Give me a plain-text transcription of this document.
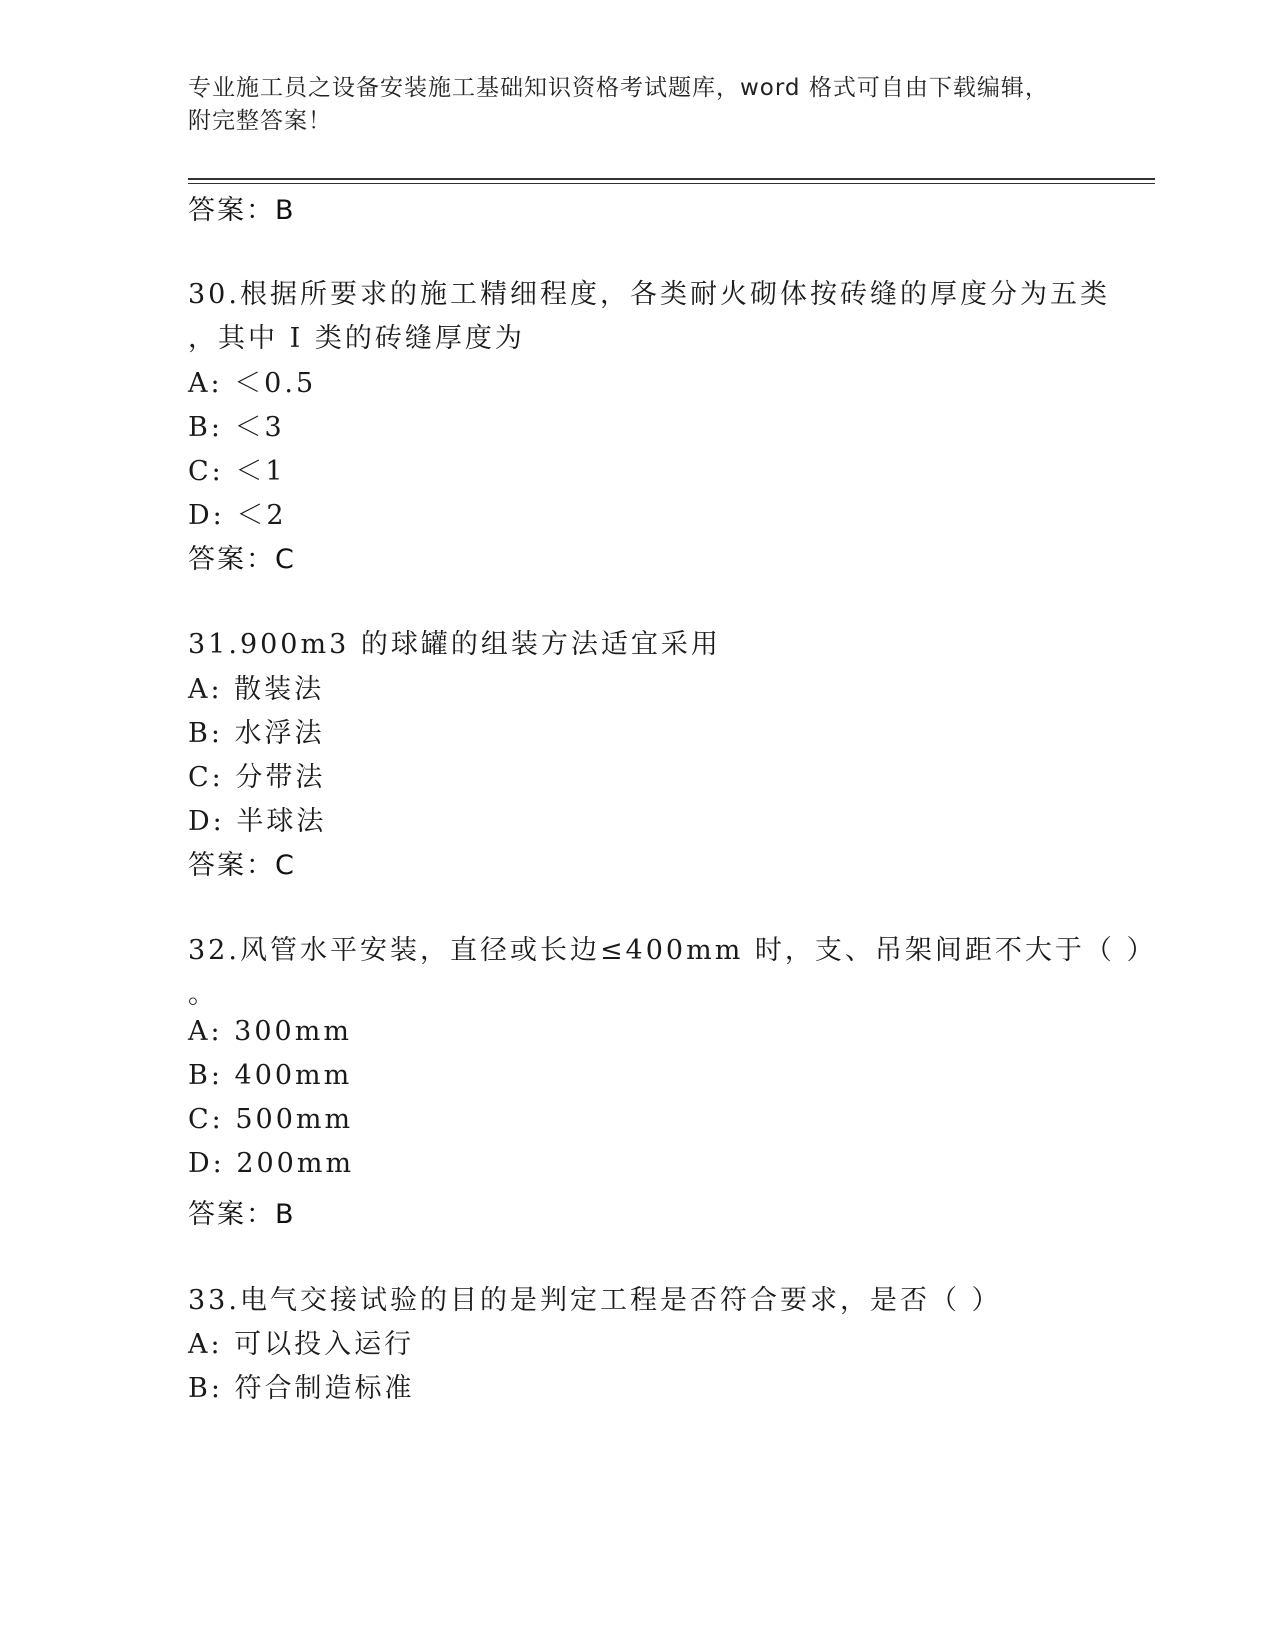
专业施工员之设备安装施工基础知识资格考试题库，word 格式可自由下载编辑，
附完整答案！
答案：B
30.根据所要求的施工精细程度，各类耐火砌体按砖缝的厚度分为五类
，其中 I 类的砖缝厚度为
A: ＜0.5
B: ＜3
C: ＜1
D: ＜2
答案：C
31.900m3 的球罐的组装方法适宜采用
A: 散装法
B: 水浮法
C: 分带法
D: 半球法
答案：C
32.风管水平安装，直径或长边≤400mm 时，支、吊架间距不大于（ ）
。
A: 300mm
B: 400mm
C: 500mm
D: 200mm
答案：B
33.电气交接试验的目的是判定工程是否符合要求，是否（ ）
A: 可以投入运行
B: 符合制造标准
